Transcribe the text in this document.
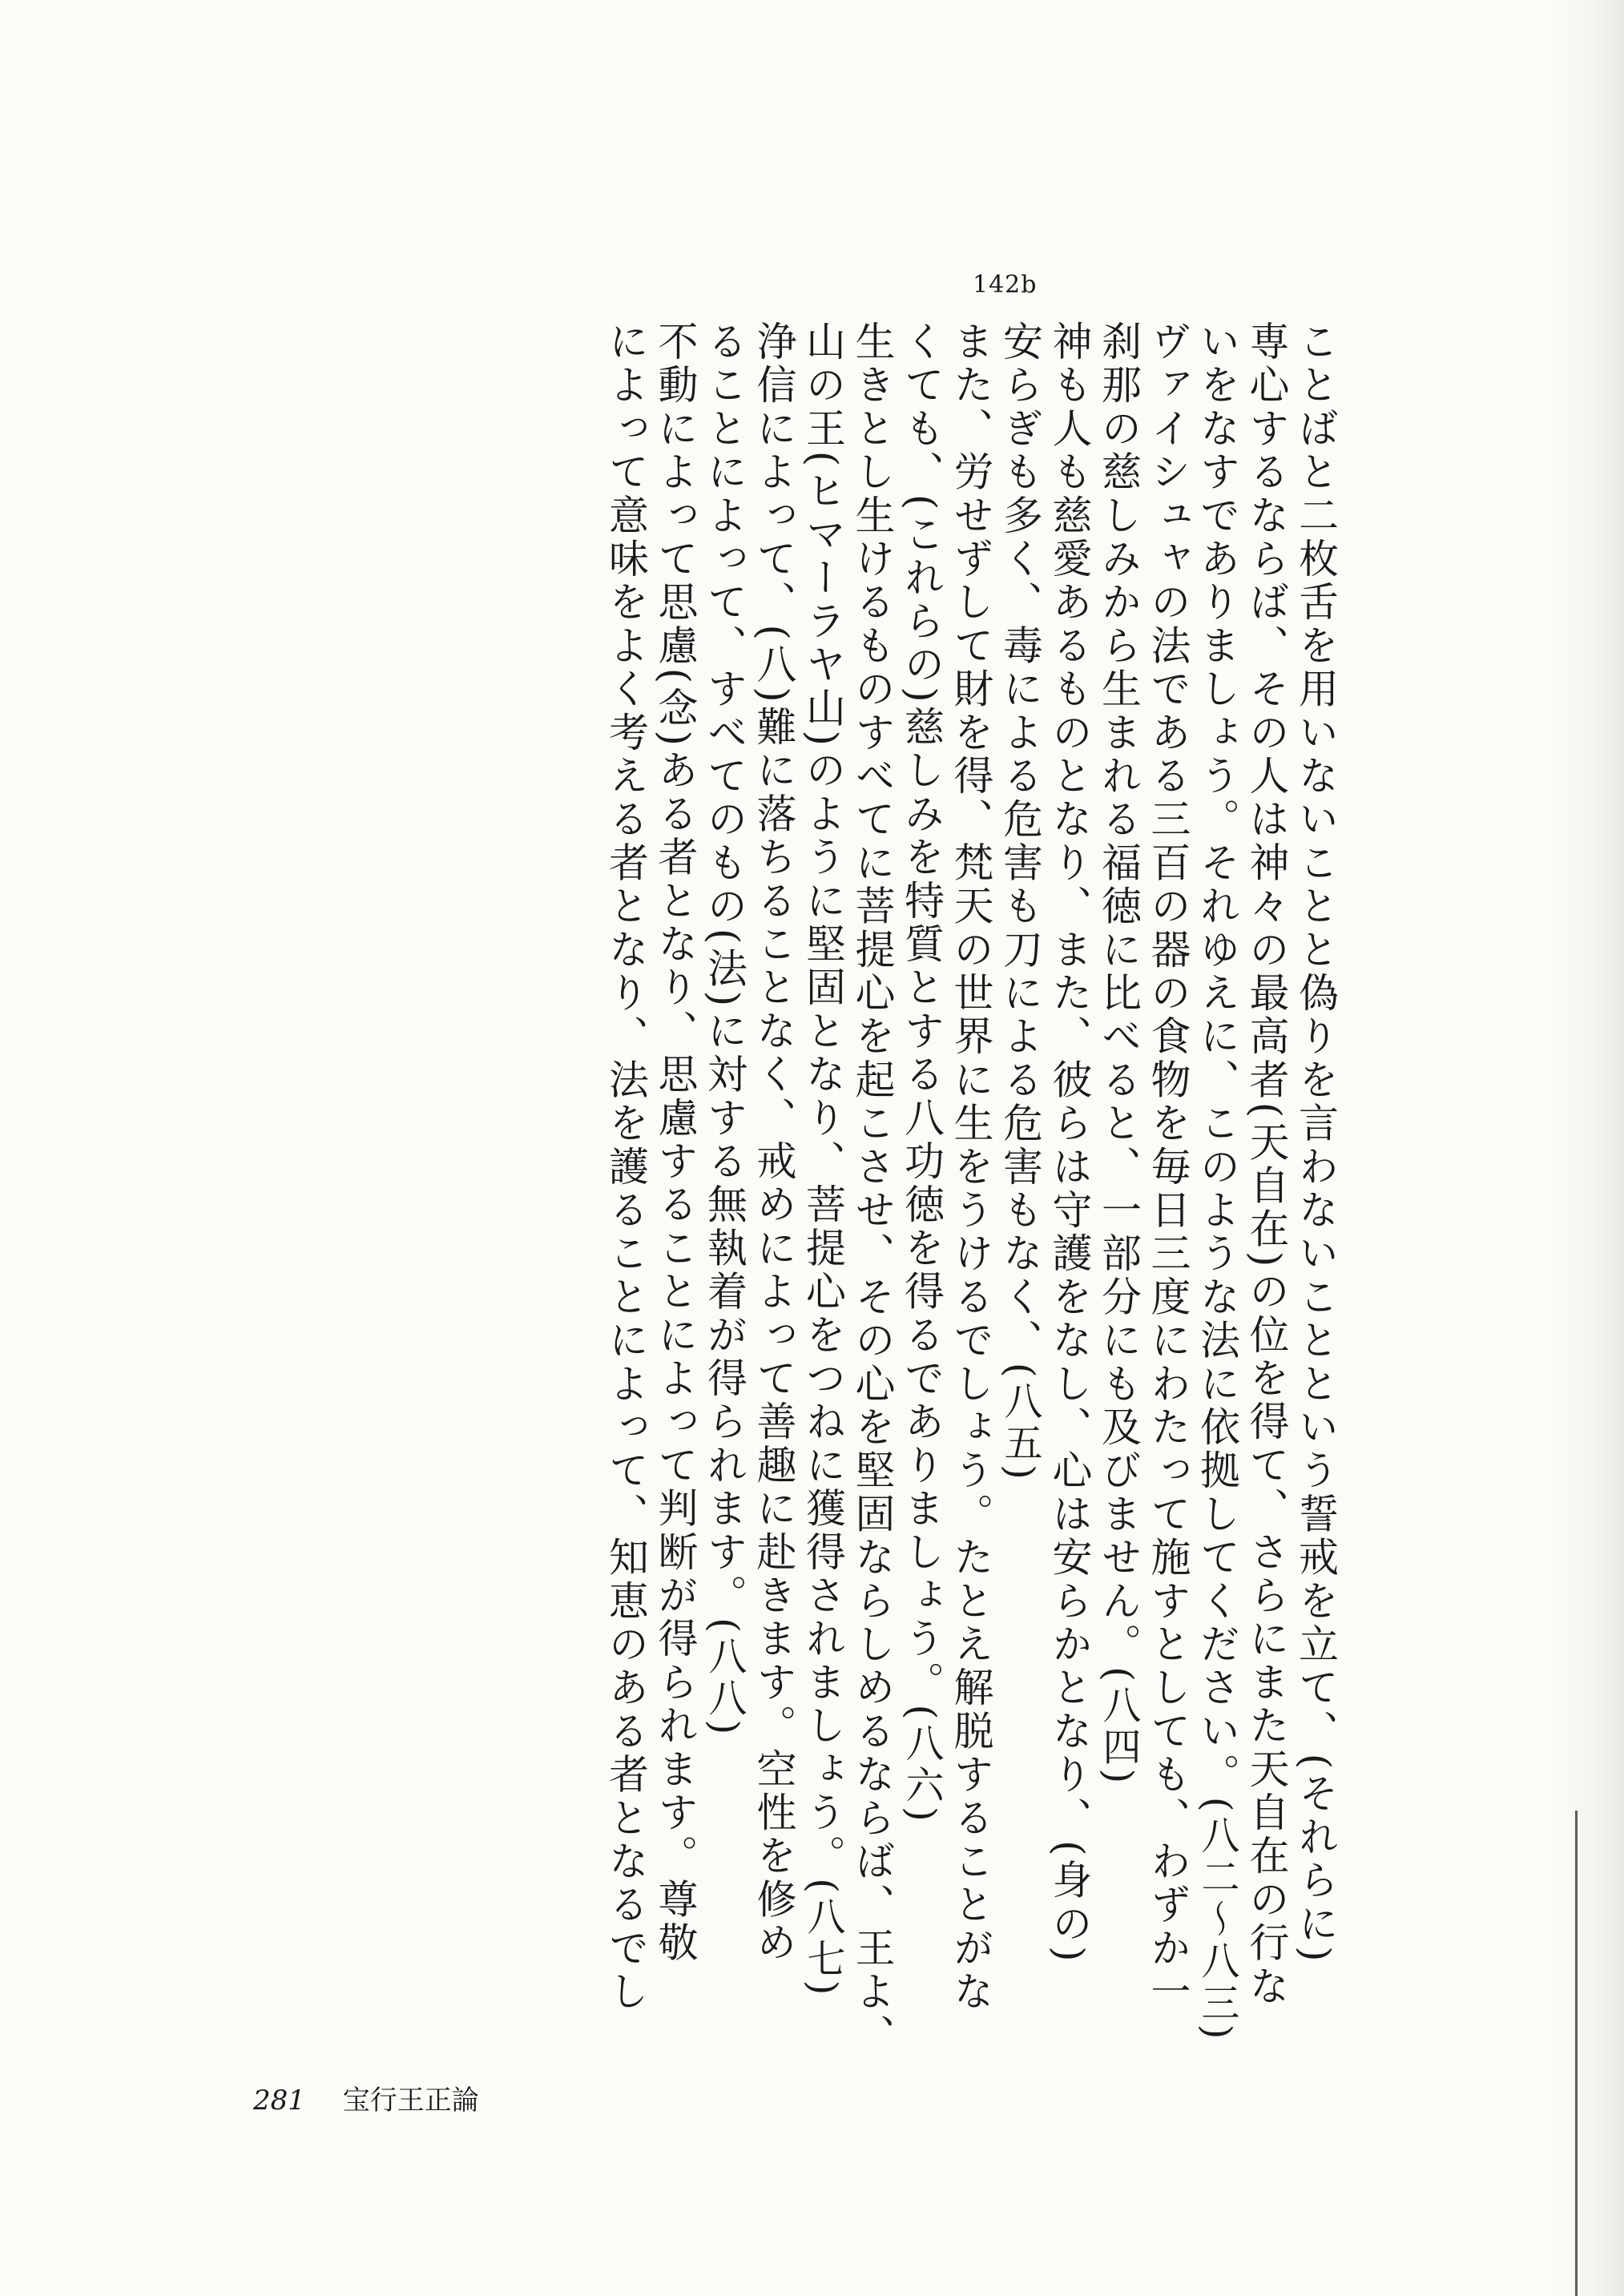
142b
ことばと二枚舌を用いないことと偽りを言わないことという誓戒を立て、(それらに)
専心するならば、その人は神々の最高者(天自在)の位を得て、さらにまた天自在の行な
いをなすでありましょう。それゆえに、このような法に依拠してください。(八二〜八三)
ヴァイシュャの法である三百の器の食物を毎日三度にわたって施すとしても、わずか一
刹那の慈しみから生まれる福徳に比べると、一部分にも及びません。(八四)
神も人も慈愛あるものとなり、また、彼らは守護をなし、心は安らかとなり、(身の)
安らぎも多く、毒による危害も刀による危害もなく、(八五)
また、労せずして財を得、梵天の世界に生をうけるでしょう。たとえ解脱することがな
くても、(これらの)慈しみを特質とする八功徳を得るでありましょう。(八六)
生きとし生けるものすべてに菩提心を起こさせ、その心を堅固ならしめるならば、王よ、
山の王(ヒマーラヤ山)のように堅固となり、菩提心をつねに獲得されましょう。(八七)
浄信によって、(八)難に落ちることなく、戒めによって善趣に赴きます。空性を修め
ることによって、すべてのもの(法)に対する無執着が得られます。(八八)
不動によって思慮(念)ある者となり、思慮することによって判断が得られます。尊敬
によって意味をよく考える者となり、法を護ることによって、知恵のある者となるでし
281 宝行王正論
